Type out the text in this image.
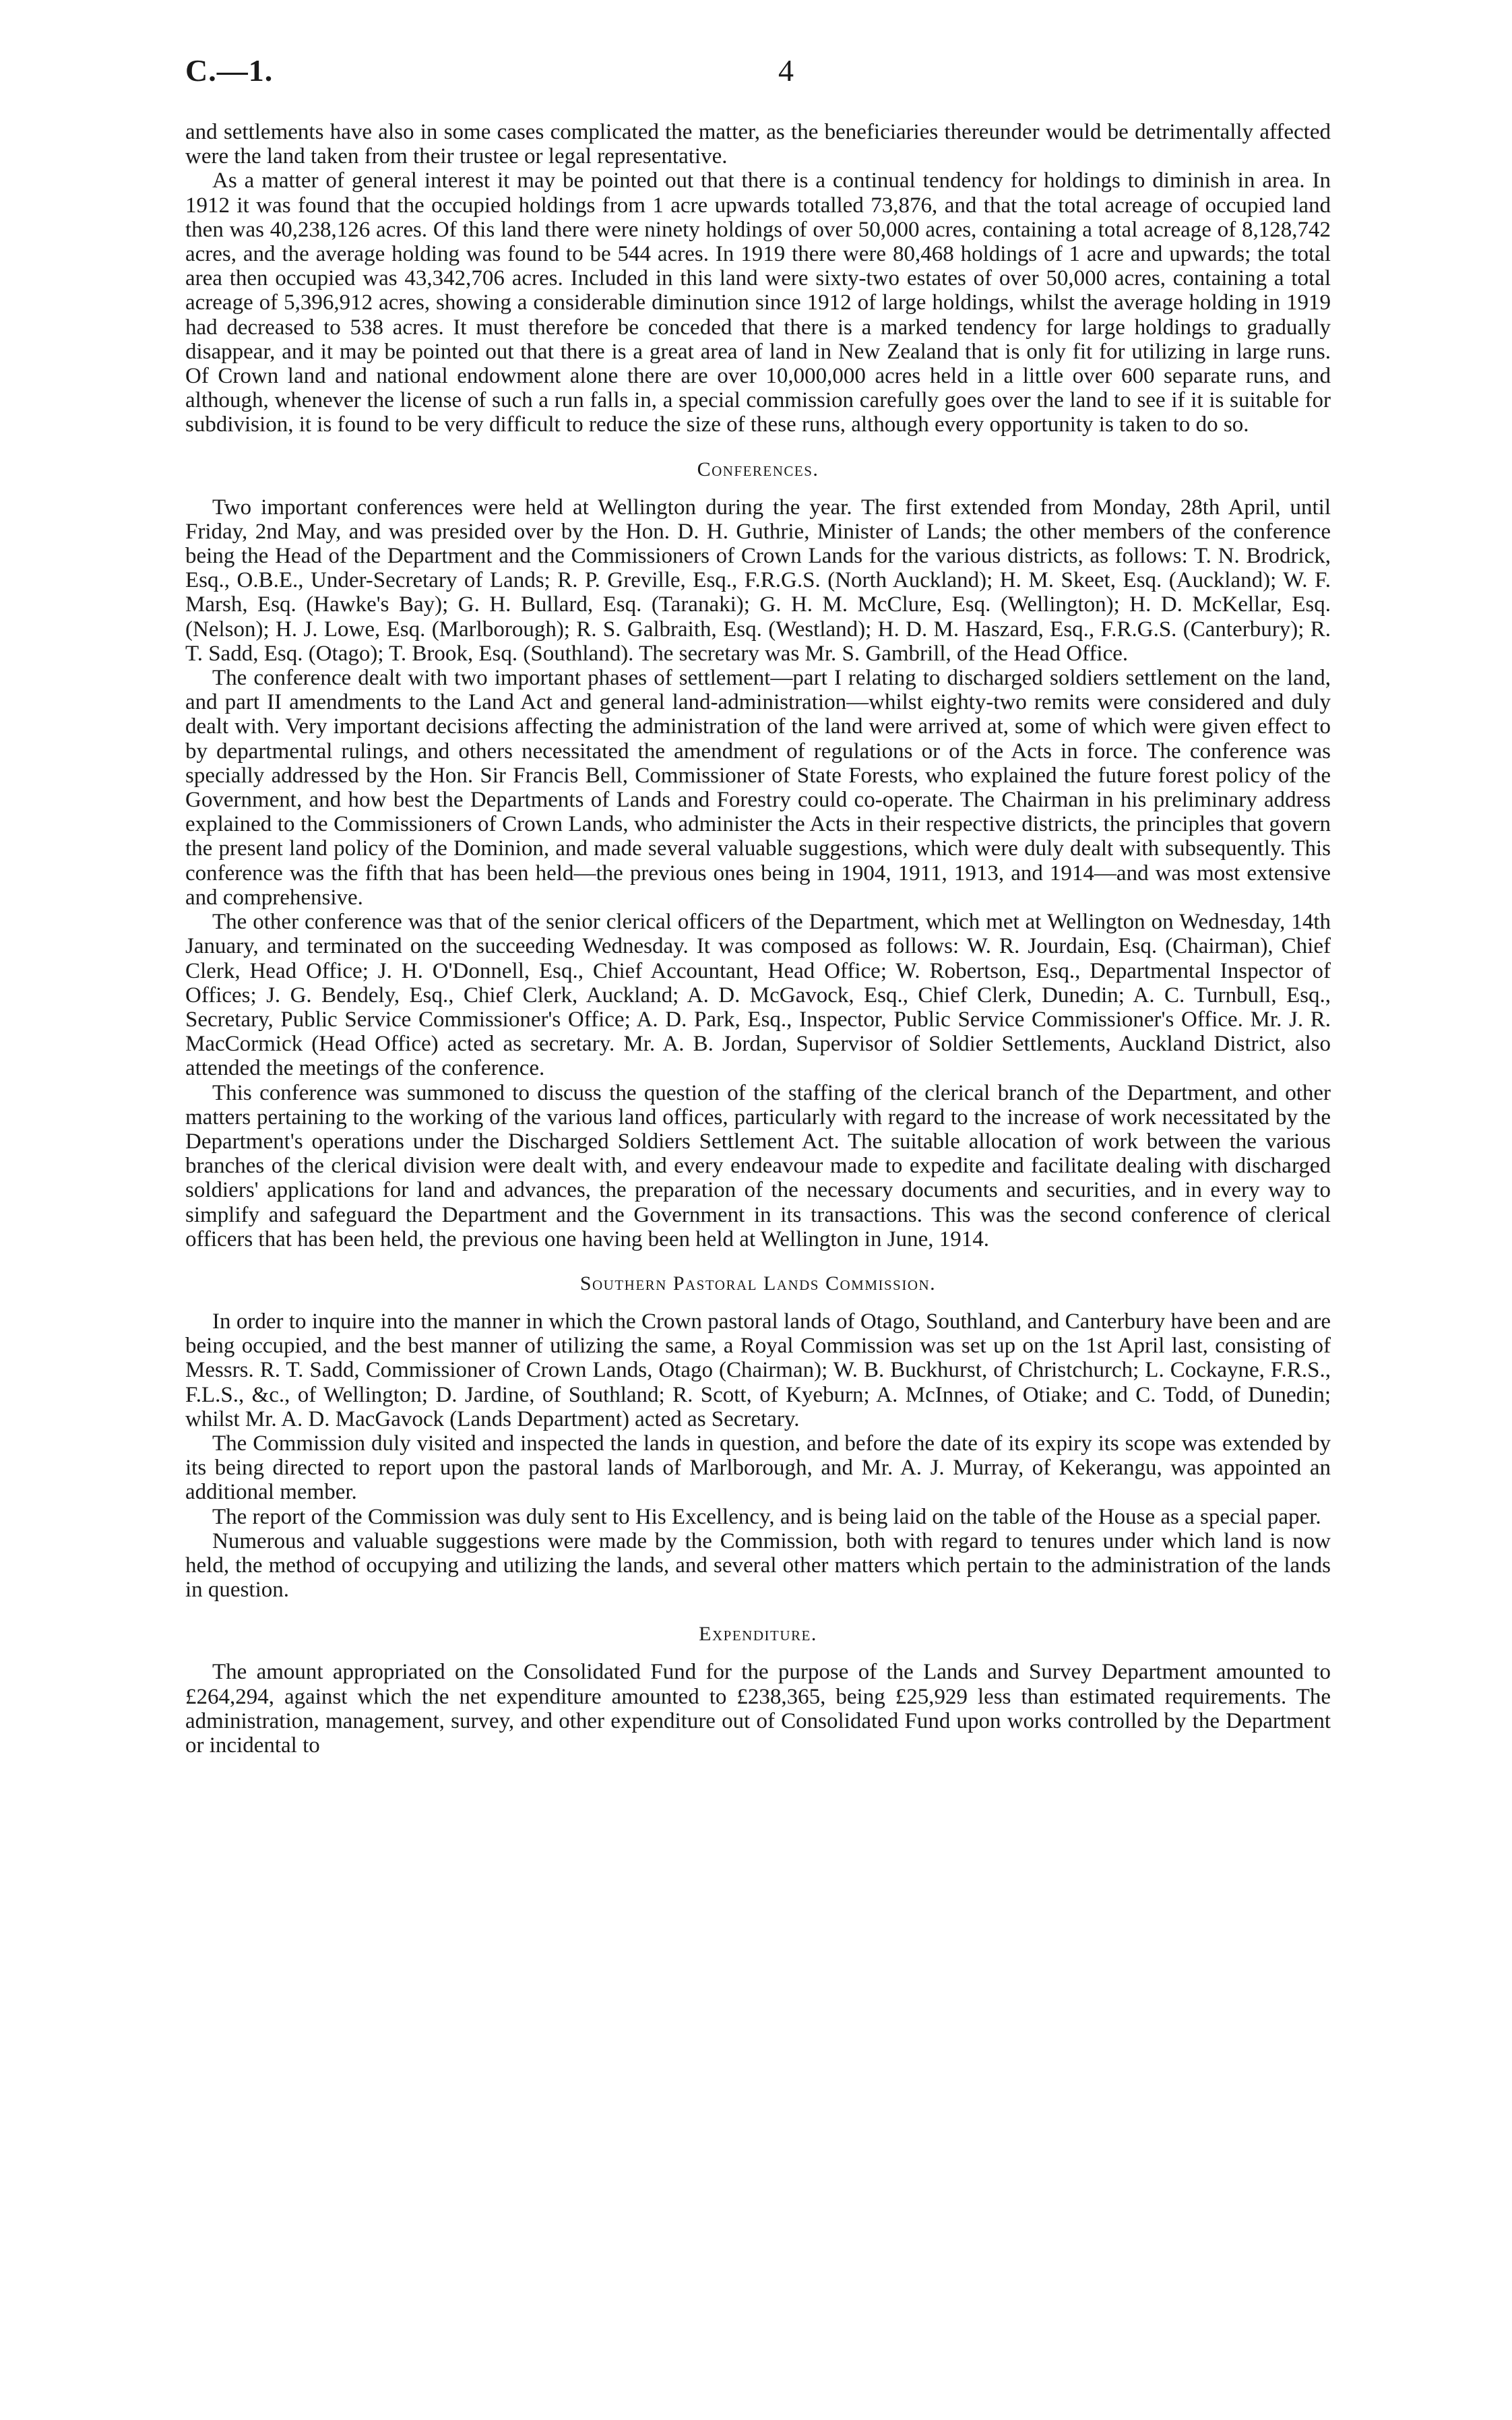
C.—1.	4

and settlements have also in some cases complicated the matter, as the beneficiaries thereunder would be detrimentally affected were the land taken from their trustee or legal representative.

As a matter of general interest it may be pointed out that there is a continual tendency for holdings to diminish in area. In 1912 it was found that the occupied holdings from 1 acre upwards totalled 73,876, and that the total acreage of occupied land then was 40,238,126 acres. Of this land there were ninety holdings of over 50,000 acres, containing a total acreage of 8,128,742 acres, and the average holding was found to be 544 acres. In 1919 there were 80,468 holdings of 1 acre and upwards; the total area then occupied was 43,342,706 acres. Included in this land were sixty-two estates of over 50,000 acres, containing a total acreage of 5,396,912 acres, showing a considerable diminution since 1912 of large holdings, whilst the average holding in 1919 had decreased to 538 acres. It must therefore be conceded that there is a marked tendency for large holdings to gradually disappear, and it may be pointed out that there is a great area of land in New Zealand that is only fit for utilizing in large runs. Of Crown land and national endowment alone there are over 10,000,000 acres held in a little over 600 separate runs, and although, whenever the license of such a run falls in, a special commission carefully goes over the land to see if it is suitable for subdivision, it is found to be very difficult to reduce the size of these runs, although every opportunity is taken to do so.

Conferences.

Two important conferences were held at Wellington during the year. The first extended from Monday, 28th April, until Friday, 2nd May, and was presided over by the Hon. D. H. Guthrie, Minister of Lands; the other members of the conference being the Head of the Department and the Commissioners of Crown Lands for the various districts, as follows: T. N. Brodrick, Esq., O.B.E., Under-Secretary of Lands; R. P. Greville, Esq., F.R.G.S. (North Auckland); H. M. Skeet, Esq. (Auckland); W. F. Marsh, Esq. (Hawke's Bay); G. H. Bullard, Esq. (Taranaki); G. H. M. McClure, Esq. (Wellington); H. D. McKellar, Esq. (Nelson); H. J. Lowe, Esq. (Marlborough); R. S. Galbraith, Esq. (Westland); H. D. M. Haszard, Esq., F.R.G.S. (Canterbury); R. T. Sadd, Esq. (Otago); T. Brook, Esq. (Southland). The secretary was Mr. S. Gambrill, of the Head Office.

The conference dealt with two important phases of settlement—part I relating to discharged soldiers settlement on the land, and part II amendments to the Land Act and general land-administration—whilst eighty-two remits were considered and duly dealt with. Very important decisions affecting the administration of the land were arrived at, some of which were given effect to by departmental rulings, and others necessitated the amendment of regulations or of the Acts in force. The conference was specially addressed by the Hon. Sir Francis Bell, Commissioner of State Forests, who explained the future forest policy of the Government, and how best the Departments of Lands and Forestry could co-operate. The Chairman in his preliminary address explained to the Commissioners of Crown Lands, who administer the Acts in their respective districts, the principles that govern the present land policy of the Dominion, and made several valuable suggestions, which were duly dealt with subsequently. This conference was the fifth that has been held—the previous ones being in 1904, 1911, 1913, and 1914—and was most extensive and comprehensive.

The other conference was that of the senior clerical officers of the Department, which met at Wellington on Wednesday, 14th January, and terminated on the succeeding Wednesday. It was composed as follows: W. R. Jourdain, Esq. (Chairman), Chief Clerk, Head Office; J. H. O'Donnell, Esq., Chief Accountant, Head Office; W. Robertson, Esq., Departmental Inspector of Offices; J. G. Bendely, Esq., Chief Clerk, Auckland; A. D. McGavock, Esq., Chief Clerk, Dunedin; A. C. Turnbull, Esq., Secretary, Public Service Commissioner's Office; A. D. Park, Esq., Inspector, Public Service Commissioner's Office. Mr. J. R. MacCormick (Head Office) acted as secretary. Mr. A. B. Jordan, Supervisor of Soldier Settlements, Auckland District, also attended the meetings of the conference.

This conference was summoned to discuss the question of the staffing of the clerical branch of the Department, and other matters pertaining to the working of the various land offices, particularly with regard to the increase of work necessitated by the Department's operations under the Discharged Soldiers Settlement Act. The suitable allocation of work between the various branches of the clerical division were dealt with, and every endeavour made to expedite and facilitate dealing with discharged soldiers' applications for land and advances, the preparation of the necessary documents and securities, and in every way to simplify and safeguard the Department and the Government in its transactions. This was the second conference of clerical officers that has been held, the previous one having been held at Wellington in June, 1914.

Southern Pastoral Lands Commission.

In order to inquire into the manner in which the Crown pastoral lands of Otago, Southland, and Canterbury have been and are being occupied, and the best manner of utilizing the same, a Royal Commission was set up on the 1st April last, consisting of Messrs. R. T. Sadd, Commissioner of Crown Lands, Otago (Chairman); W. B. Buckhurst, of Christchurch; L. Cockayne, F.R.S., F.L.S., &c., of Wellington; D. Jardine, of Southland; R. Scott, of Kyeburn; A. McInnes, of Otiake; and C. Todd, of Dunedin; whilst Mr. A. D. MacGavock (Lands Department) acted as Secretary.

The Commission duly visited and inspected the lands in question, and before the date of its expiry its scope was extended by its being directed to report upon the pastoral lands of Marlborough, and Mr. A. J. Murray, of Kekerangu, was appointed an additional member.

The report of the Commission was duly sent to His Excellency, and is being laid on the table of the House as a special paper.

Numerous and valuable suggestions were made by the Commission, both with regard to tenures under which land is now held, the method of occupying and utilizing the lands, and several other matters which pertain to the administration of the lands in question.

Expenditure.

The amount appropriated on the Consolidated Fund for the purpose of the Lands and Survey Department amounted to £264,294, against which the net expenditure amounted to £238,365, being £25,929 less than estimated requirements. The administration, management, survey, and other expenditure out of Consolidated Fund upon works controlled by the Department or incidental to
